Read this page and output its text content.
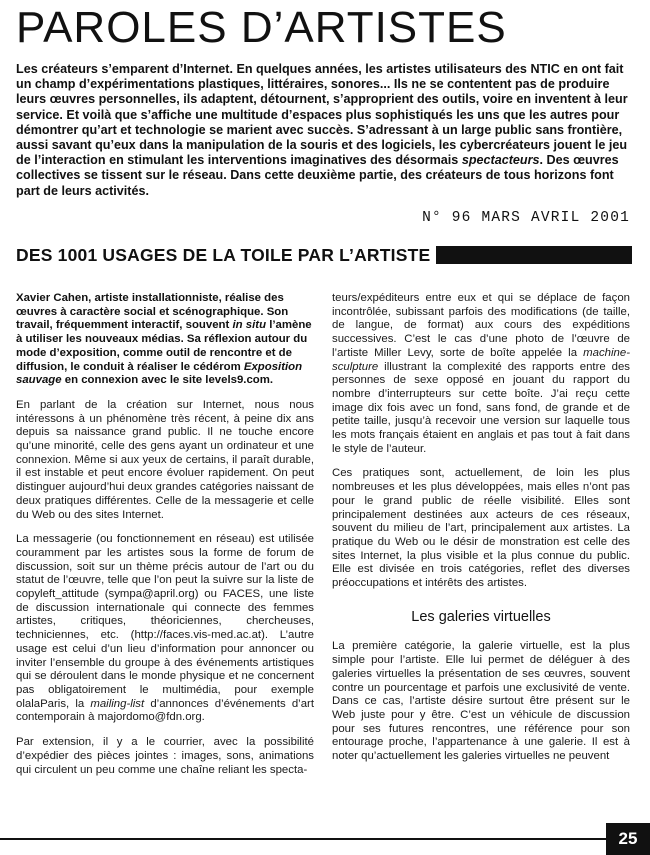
PAROLES D’ARTISTES

Les créateurs s’emparent d’Internet. En quelques années, les artistes utilisateurs des NTIC en ont fait un champ d’expérimentations plastiques, littéraires, sonores... Ils ne se contentent pas de produire leurs œuvres personnelles, ils adaptent, détournent, s’approprient des outils, voire en inventent à leur service. Et voilà que s’affiche une multitude d’espaces plus sophistiqués les uns que les autres pour démontrer qu’art et technologie se marient avec succès. S’adressant à un large public sans frontière, aussi savant qu’eux dans la manipulation de la souris et des logiciels, les cybercréateurs jouent le jeu de l’interaction en stimulant les interventions imaginatives des désormais spectacteurs. Des œuvres collectives se tissent sur le réseau. Dans cette deuxième partie, des créateurs de tous horizons font part de leurs activités.

N° 96 MARS AVRIL 2001
DES 1001 USAGES DE LA TOILE PAR L’ARTISTE

Xavier Cahen, artiste installationniste, réalise des œuvres à caractère social et scénographique. Son travail, fréquemment interactif, souvent in situ l’amène à utiliser les nouveaux médias. Sa réflexion autour du mode d’exposition, comme outil de rencontre et de diffusion, le conduit à réaliser le cédérom Exposition sauvage en connexion avec le site levels9.com.

En parlant de la création sur Internet, nous nous intéressons à un phénomène très récent, à peine dix ans depuis sa naissance grand public. Il ne touche encore qu’une minorité, celle des gens ayant un ordinateur et une connexion. Même si aux yeux de certains, il paraît durable, il est instable et peut encore évoluer rapidement. On peut distinguer aujourd’hui deux grandes catégories naissant de deux pratiques différentes. Celle de la messagerie et celle du Web ou des sites Internet.

La messagerie (ou fonctionnement en réseau) est utilisée couramment par les artistes sous la forme de forum de discussion, soit sur un thème précis autour de l’art ou du statut de l’œuvre, telle que l’on peut la suivre sur la liste de copyleft_attitude (sympa@april.org) ou FACES, une liste de discussion internationale qui connecte des femmes artistes, critiques, théoriciennes, chercheuses, techniciennes, etc. (http://faces.vis-med.ac.at). L’autre usage est celui d’un lieu d’information pour annoncer ou inviter l’ensemble du groupe à des événements artistiques qui se déroulent dans le monde physique et ne concernent pas obligatoirement le multimédia, pour exemple olalaParis, la mailing-list d’annonces d’événements d’art contemporain à majordomo@fdn.org.

Par extension, il y a le courrier, avec la possibilité d’expédier des pièces jointes : images, sons, animations qui circulent un peu comme une chaîne reliant les specta-

teurs/expéditeurs entre eux et qui se déplace de façon incontrôlée, subissant parfois des modifications (de taille, de langue, de format) aux cours des expéditions successives. C’est le cas d’une photo de l’œuvre de l’artiste Miller Levy, sorte de boîte appelée la machine-sculpture illustrant la complexité des rapports entre des personnes de sexe opposé en jouant du rapport du nombre d’interrupteurs sur cette boîte. J’ai reçu cette image dix fois avec un fond, sans fond, de grande et de petite taille, jusqu’à recevoir une version sur laquelle tous les mots français étaient en anglais et pas tout à fait dans le style de l’auteur.

Ces pratiques sont, actuellement, de loin les plus nombreuses et les plus développées, mais elles n’ont pas pour le grand public de réelle visibilité. Elles sont principalement destinées aux acteurs de ces réseaux, souvent du milieu de l’art, principalement aux artistes. La pratique du Web ou le désir de monstration est celle des sites Internet, la plus visible et la plus connue du public. Elle est divisée en trois catégories, reflet des diverses préoccupations et intérêts des artistes.

Les galeries virtuelles

La première catégorie, la galerie virtuelle, est la plus simple pour l’artiste. Elle lui permet de déléguer à des galeries virtuelles la présentation de ses œuvres, souvent contre un pourcentage et parfois une exclusivité de vente. Dans ce cas, l’artiste désire surtout être présent sur le Web juste pour y être. C’est un véhicule de discussion pour ses futures rencontres, une référence pour son entourage proche, l’appartenance à une galerie. Il est à noter qu’actuellement les galeries virtuelles ne peuvent

25
